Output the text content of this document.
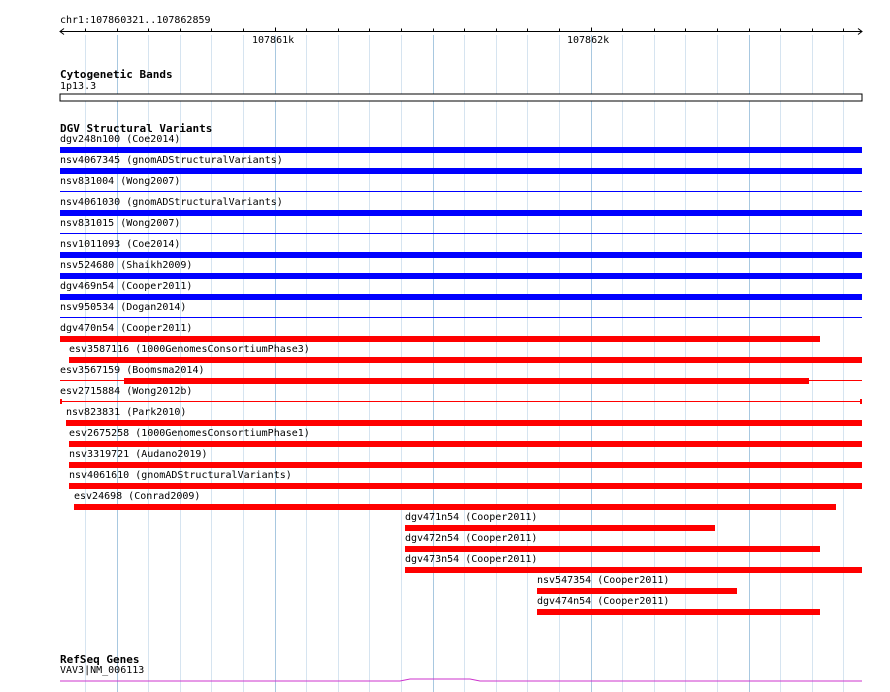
chr1:107860321..107862859
107861k	107862k
Cytogenetic Bands
1p13.3
DGV Structural Variants
dgv248n100 (Coe2014)
nsv4067345 (gnomADStructuralVariants)
nsv831004 (Wong2007)
nsv4061030 (gnomADStructuralVariants)
nsv831015 (Wong2007)
nsv1011093 (Coe2014)
nsv524680 (Shaikh2009)
dgv469n54 (Cooper2011)
nsv950534 (Dogan2014)
dgv470n54 (Cooper2011)
esv3587116 (1000GenomesConsortiumPhase3)
esv3567159 (Boomsma2014)
esv2715884 (Wong2012b)
nsv823831 (Park2010)
esv2675258 (1000GenomesConsortiumPhase1)
nsv3319721 (Audano2019)
nsv4061610 (gnomADStructuralVariants)
esv24698 (Conrad2009)
dgv471n54 (Cooper2011)
dgv472n54 (Cooper2011)
dgv473n54 (Cooper2011)
nsv547354 (Cooper2011)
dgv474n54 (Cooper2011)
RefSeq Genes
VAV3|NM_006113
